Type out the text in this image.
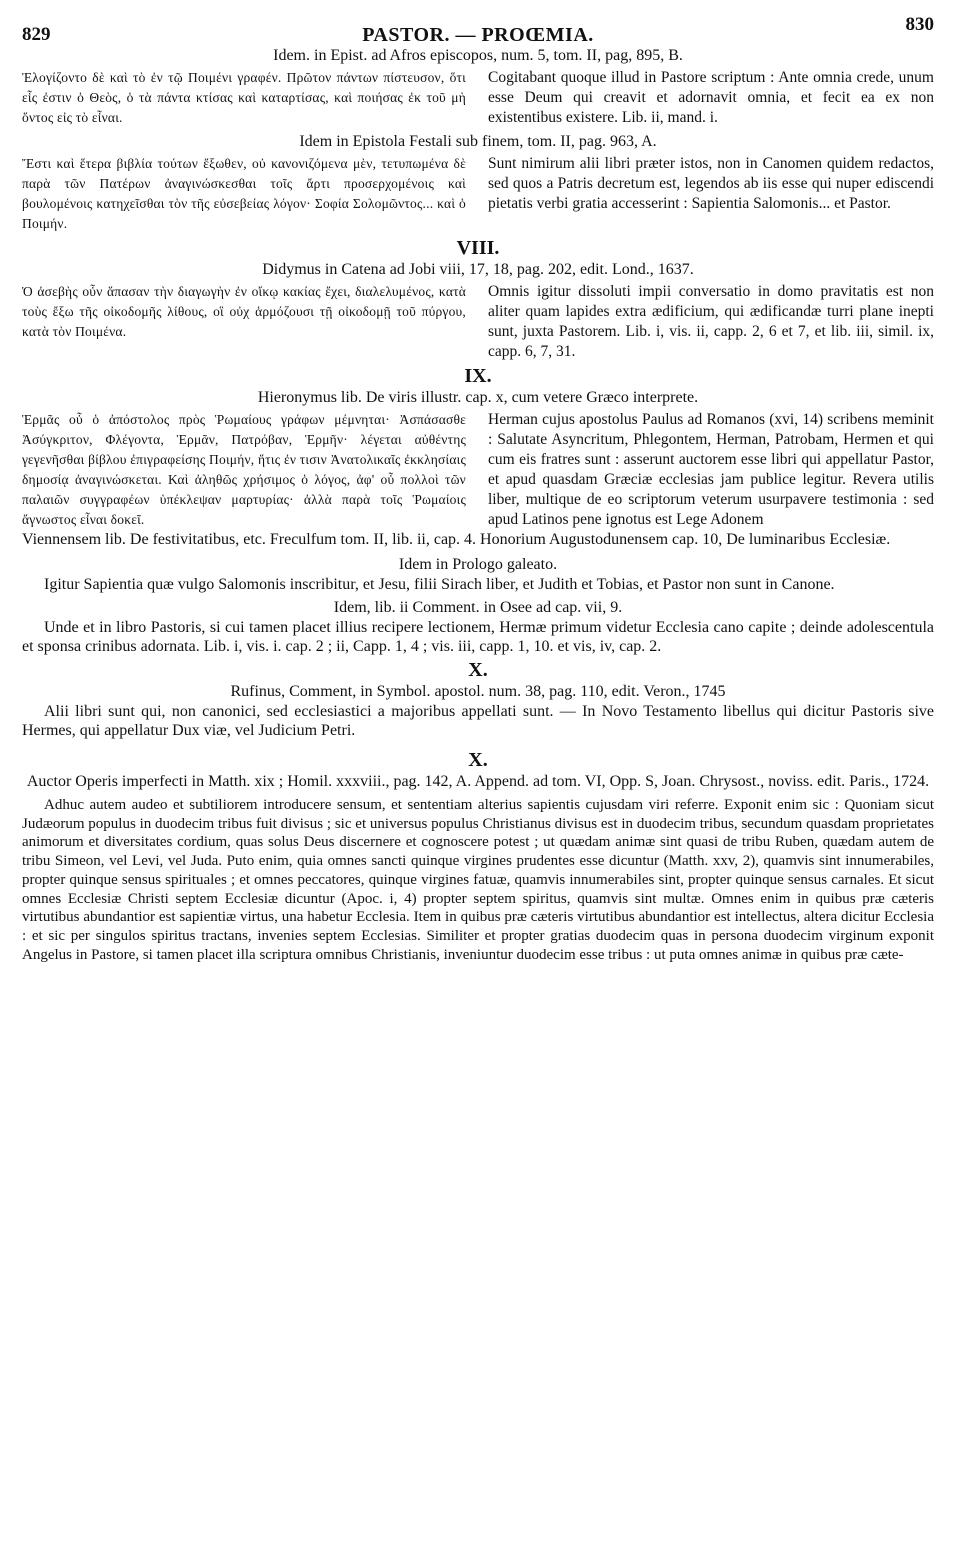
829	PASTOR. — PROŒMIA.	830

Idem. in Epist. ad Afros episcopos, num. 5, tom. II, pag, 895, B.

Ἐλογίζοντο δὲ καὶ τὸ ἐν τῷ Ποιμένι γραφέν. Πρῶτον πάντων πίστευσον, ὅτι εἷς ἐστιν ὁ Θεὸς, ὁ τὰ πάντα κτίσας καὶ καταρτίσας, καὶ ποιήσας ἐκ τοῦ μὴ ὄντος εἰς τὸ εἶναι.
Cogitabant quoque illud in Pastore scriptum : Ante omnia crede, unum esse Deum qui creavit et adornavit omnia, et fecit ea ex non existentibus existere. Lib. ii, mand. i.

Idem in Epistola Festali sub finem, tom. II, pag. 963, A.

Ἔστι καὶ ἕτερα βιβλία τούτων ἔξωθεν, οὐ κανονιζόμενα μὲν, τετυπωμένα δὲ παρὰ τῶν Πατέρων ἀναγινώσκεσθαι τοῖς ἄρτι προσερχομένοις καὶ βουλομένοις κατηχεῖσθαι τὸν τῆς εὐσεβείας λόγον· Σοφία Σολομῶντος... καὶ ὁ Ποιμήν.
Sunt nimirum alii libri præter istos, non in Canomen quidem redactos, sed quos a Patris decretum est, legendos ab iis esse qui nuper ediscendi pietatis verbi gratia accesserint : Sapientia Salomonis... et Pastor.

VIII.

Didymus in Catena ad Jobi viii, 17, 18, pag. 202, edit. Lond., 1637.

Ὁ ἀσεβὴς οὖν ἅπασαν τὴν διαγωγὴν ἐν οἴκῳ κακίας ἔχει, διαλελυμένος, κατὰ τοὺς ἔξω τῆς οἰκοδομῆς λίθους, οἳ οὐχ ἁρμόζουσι τῇ οἰκοδομῇ τοῦ πύργου, κατὰ τὸν Ποιμένα.
Omnis igitur dissoluti impii conversatio in domo pravitatis est non aliter quam lapides extra ædificium, qui ædificandæ turri plane inepti sunt, juxta Pastorem. Lib. i, vis. ii, capp. 2, 6 et 7, et lib. iii, simil. ix, capp. 6, 7, 31.

IX.

Hieronymus lib. De viris illustr. cap. x, cum vetere Græco interprete.

Ἑρμᾶς οὗ ὁ ἀπόστολος πρὸς Ῥωμαίους γράφων μέμνηται· Ἀσπάσασθε Ἀσύγκριτον, Φλέγοντα, Ἑρμᾶν, Πατρόβαν, Ἑρμῆν· λέγεται αὐθέντης γεγενῆσθαι βίβλου ἐπιγραφείσης Ποιμήν, ἥτις ἐν τισιν Ἀνατολικαῖς ἐκκλησίαις δημοσίᾳ ἀναγινώσκεται. Καὶ ἀληθῶς χρήσιμος ὁ λόγος, ἀφ' οὗ πολλοὶ τῶν παλαιῶν συγγραφέων ὑπέκλεψαν μαρτυρίας· ἀλλὰ παρὰ τοῖς Ῥωμαίοις ἄγνωστος εἶναι δοκεῖ.
Herman cujus apostolus Paulus ad Romanos (xvi, 14) scribens meminit : Salutate Asyncritum, Phlegontem, Herman, Patrobam, Hermen et qui cum eis fratres sunt : asserunt auctorem esse libri qui appellatur Pastor, et apud quasdam Græciæ ecclesias jam publice legitur. Revera utilis liber, multique de eo scriptorum veterum usurpavere testimonia : sed apud Latinos pene ignotus est Lege Adonem

Viennensem lib. De festivitatibus, etc. Freculfum tom. II, lib. ii, cap. 4. Honorium Augustodunensem cap. 10, De luminaribus Ecclesiæ.

Idem in Prologo galeato.

Igitur Sapientia quæ vulgo Salomonis inscribitur, et Jesu, filii Sirach liber, et Judith et Tobias, et Pastor non sunt in Canone.

Idem, lib. ii Comment. in Osee ad cap. vii, 9.

Unde et in libro Pastoris, si cui tamen placet illius recipere lectionem, Hermæ primum videtur Ecclesia cano capite ; deinde adolescentula et sponsa crinibus adornata. Lib. i, vis. i. cap. 2 ; ii, Capp. 1, 4 ; vis. iii, capp. 1, 10. et vis, iv, cap. 2.

X.

Rufinus, Comment, in Symbol. apostol. num. 38, pag. 110, edit. Veron., 1745

Alii libri sunt qui, non canonici, sed ecclesiastici a majoribus appellati sunt. — In Novo Testamento libellus qui dicitur Pastoris sive Hermes, qui appellatur Dux viæ, vel Judicium Petri.

X.

Auctor Operis imperfecti in Matth. xix ; Homil. xxxviii., pag. 142, A. Append. ad tom. VI, Opp. S, Joan. Chrysost., noviss. edit. Paris., 1724.

Adhuc autem audeo et subtiliorem introducere sensum, et sententiam alterius sapientis cujusdam viri referre. Exponit enim sic : Quoniam sicut Judæorum populus in duodecim tribus fuit divisus ; sic et universus populus Christianus divisus est in duodecim tribus, secundum quasdam proprietates animorum et diversitates cordium, quas solus Deus discernere et cognoscere potest ; ut quædam animæ sint quasi de tribu Ruben, quædam autem de tribu Simeon, vel Levi, vel Juda. Puto enim, quia omnes sancti quinque virgines prudentes esse dicuntur (Matth. xxv, 2), quamvis sint innumerabiles, propter quinque sensus spirituales ; et omnes peccatores, quinque virgines fatuæ, quamvis innumerabiles sint, propter quinque sensus carnales. Et sicut omnes Ecclesiæ Christi septem Ecclesiæ dicuntur (Apoc. i, 4) propter septem spiritus, quamvis sint multæ. Omnes enim in quibus præ cæteris virtutibus abundantior est sapientiæ virtus, una habetur Ecclesia. Item in quibus præ cæteris virtutibus abundantior est intellectus, altera dicitur Ecclesia : et sic per singulos spiritus tractans, invenies septem Ecclesias. Similiter et propter gratias duodecim quas in persona duodecim virginum exponit Angelus in Pastore, si tamen placet illa scriptura omnibus Christianis, inveniuntur duodecim esse tribus : ut puta omnes animæ in quibus præ cæte-
